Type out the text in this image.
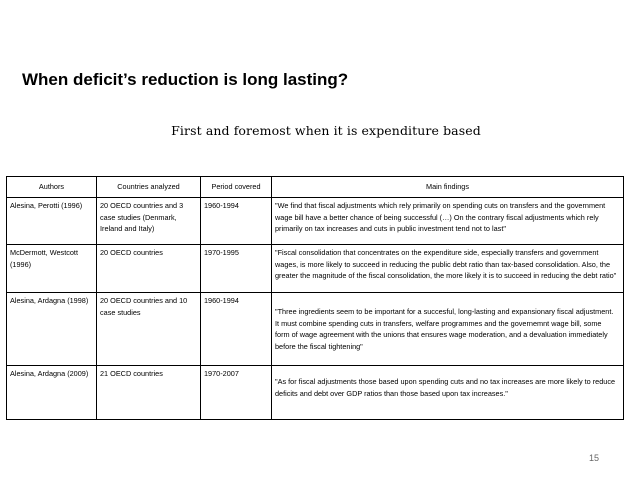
When deficit’s reduction is long lasting?
First and foremost when it is expenditure based
Authors	Countries analyzed	Period covered	Main findings
Alesina, Perotti (1996)	20 OECD countries and 3 case studies (Denmark, Ireland and Italy)	1960-1994	"We find that fiscal adjustments which rely primarily on spending cuts on transfers and the government wage bill have a better chance of being successful (…) On the contrary fiscal adjustments which rely primarily on tax increases and cuts in public investment tend not to last"
McDermott, Westcott (1996)	20 OECD countries	1970-1995	"Fiscal consolidation that concentrates on the expenditure side, especially transfers and government wages, is more likely to succeed in reducing the public debt ratio than tax-based consolidation. Also, the greater the magnitude of the fiscal consolidation, the more likely it is to succeed in reducing the debt ratio"
Alesina, Ardagna (1998)	20 OECD countries and 10 case studies	1960-1994	"Three ingredients seem to be important for a succesful, long-lasting and expansionary fiscal adjustment. It must combine spending cuts in transfers, welfare programmes and the governemnt wage bill, some form of wage agreement with the unions that ensures wage moderation, and a devaluation immediately before the fiscal tightening"
Alesina, Ardagna (2009)	21 OECD countries	1970-2007	"As for fiscal adjustments those based upon spending cuts and no tax increases are more likely to reduce deficits and debt over GDP ratios than those based upon tax increases."
15
